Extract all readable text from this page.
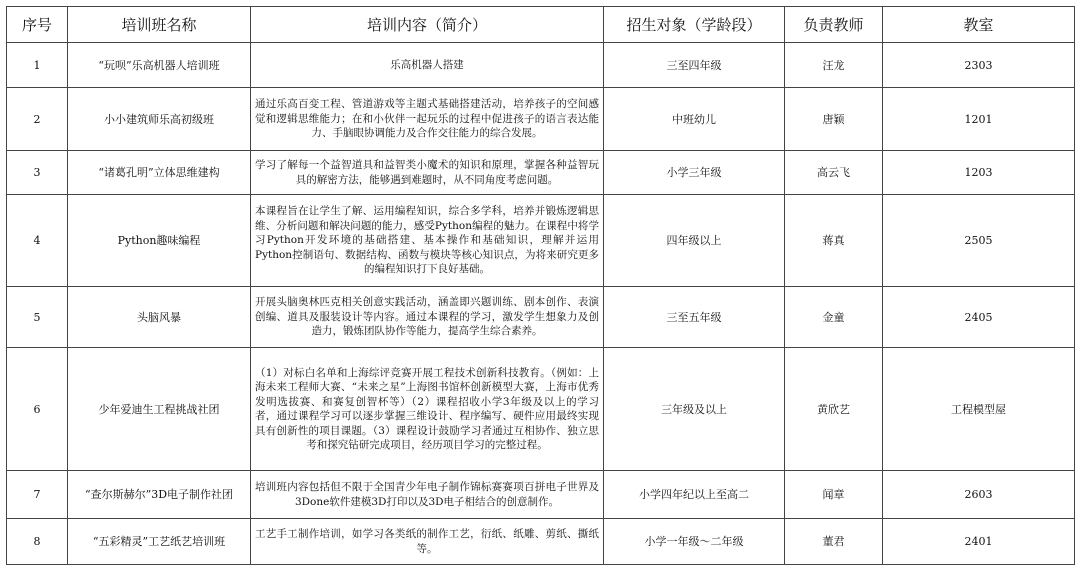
序号	培训班名称	培训内容（简介）	招生对象（学龄段）	负责教师	教室
1	“玩呗”乐高机器人培训班	乐高机器人搭建	三至四年级	汪龙	2303
2	小小建筑师乐高初级班	通过乐高百变工程、管道游戏等主题式基础搭建活动，培养孩子的空间感觉和逻辑思维能力；在和小伙伴一起玩乐的过程中促进孩子的语言表达能力、手脑眼协调能力及合作交往能力的综合发展。	中班幼儿	唐颖	1201
3	“诸葛孔明”立体思维建构	学习了解每一个益智道具和益智类小魔术的知识和原理，掌握各种益智玩具的解密方法，能够遇到难题时，从不同角度考虑问题。	小学三年级	高云飞	1203
4	Python趣味编程	本课程旨在让学生了解、运用编程知识，综合多学科，培养并锻炼逻辑思维、分析问题和解决问题的能力，感受Python编程的魅力。在课程中将学习Python开发环境的基础搭建、基本操作和基础知识，理解并运用Python控制语句、数据结构、函数与模块等核心知识点，为将来研究更多的编程知识打下良好基础。	四年级以上	蒋真	2505
5	头脑风暴	开展头脑奥林匹克相关创意实践活动，涵盖即兴题训练、剧本创作、表演创编、道具及服装设计等内容。通过本课程的学习，激发学生想象力及创造力，锻炼团队协作等能力，提高学生综合素养。	三至五年级	金童	2405
6	少年爱迪生工程挑战社团	（1）对标白名单和上海综评竞赛开展工程技术创新科技教育。（例如：上海未来工程师大赛、“未来之星”上海图书馆杯创新模型大赛，上海市优秀发明选拔赛、和赛复创智杯等）（2）课程招收小学3年级及以上的学习者，通过课程学习可以逐步掌握三维设计、程序编写、硬件应用最终实现具有创新性的项目课题。（3）课程设计鼓励学习者通过互相协作、独立思考和探究钻研完成项目，经历项目学习的完整过程。	三年级及以上	黄欣艺	工程模型屋
7	“查尔斯赫尔”3D电子制作社团	培训班内容包括但不限于全国青少年电子制作锦标赛赛项百拼电子世界及3Done软件建模3D打印以及3D电子相结合的创意制作。	小学四年纪以上至高二	闻章	2603
8	“五彩精灵”工艺纸艺培训班	工艺手工制作培训，如学习各类纸的制作工艺，衍纸、纸雕、剪纸、撕纸等。	小学一年级～二年级	董君	2401
